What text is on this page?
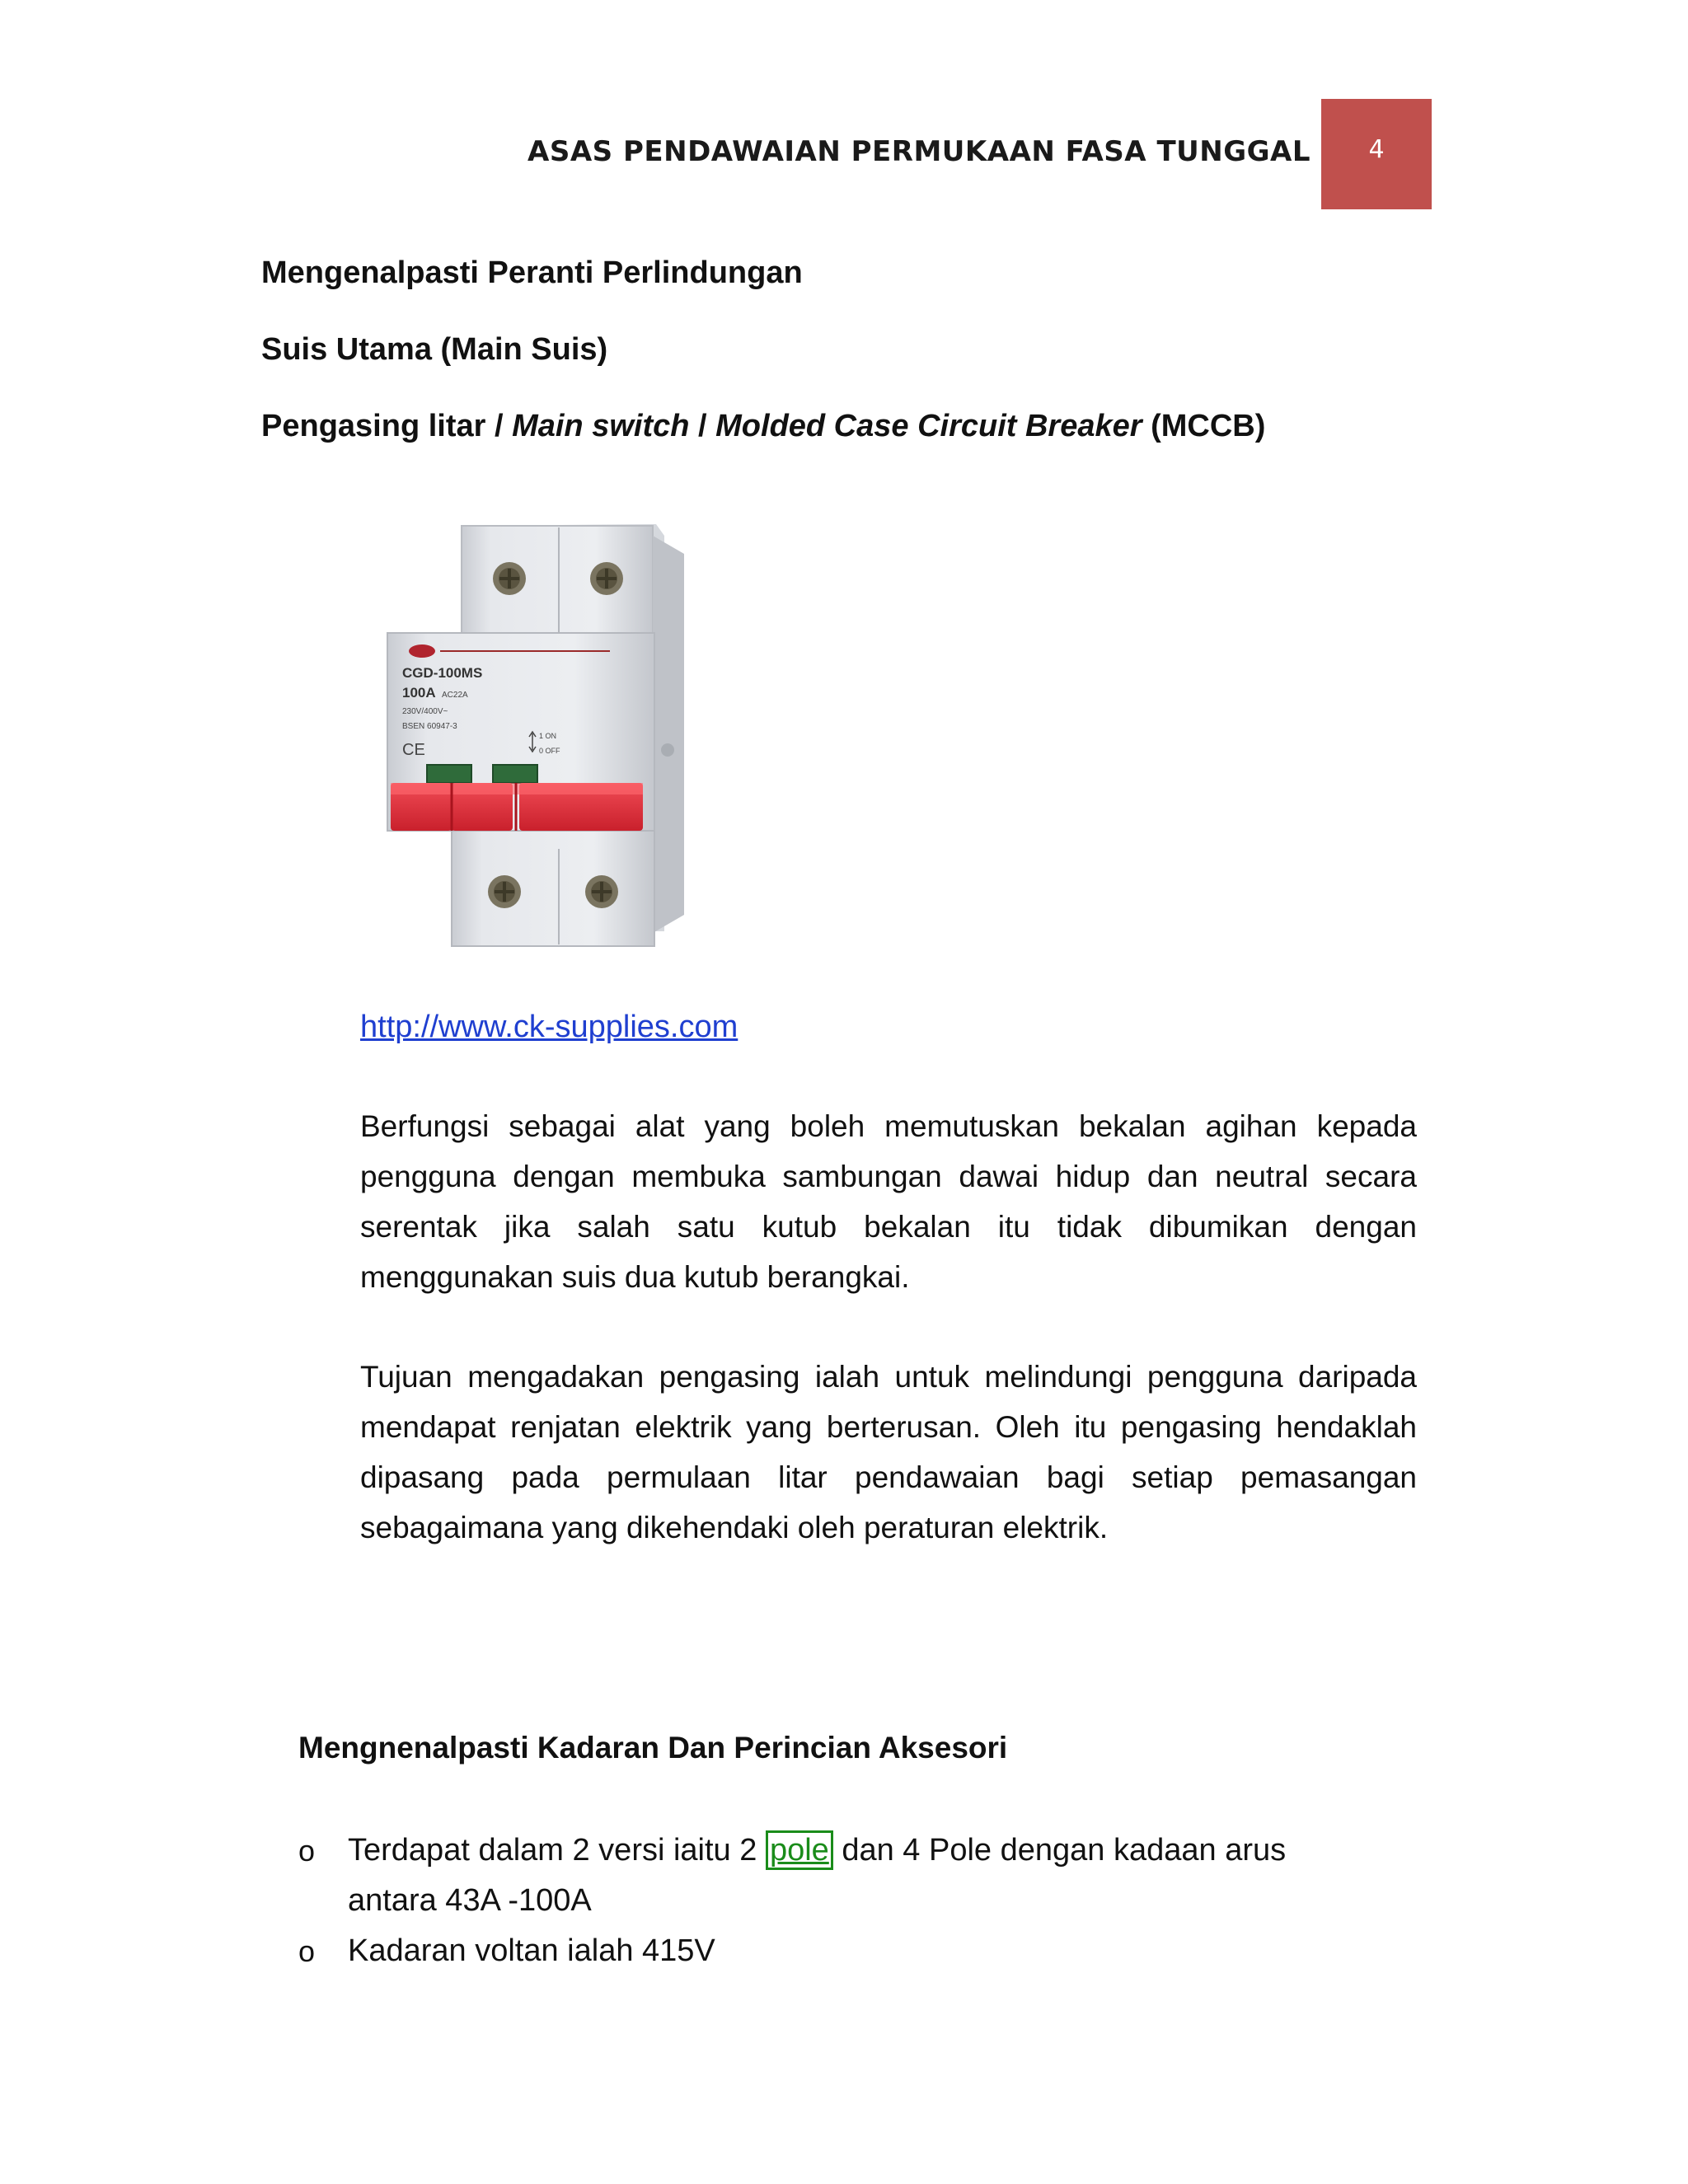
ASAS PENDAWAIAN PERMUKAAN FASA TUNGGAL	4
Mengenalpasti Peranti Perlindungan
Suis Utama (Main Suis)
Pengasing litar / Main switch / Molded Case Circuit Breaker (MCCB)
CGD-100MS
100A AC22A
230V/400V~
BSEN 60947-3
CE
1 ON
0 OFF
http://www.ck-supplies.com
Berfungsi sebagai alat yang boleh memutuskan bekalan agihan kepada pengguna dengan membuka sambungan dawai hidup dan neutral secara serentak jika salah satu kutub bekalan itu tidak dibumikan dengan menggunakan suis dua kutub berangkai.
Tujuan mengadakan pengasing ialah untuk melindungi pengguna daripada mendapat renjatan elektrik yang berterusan. Oleh itu pengasing hendaklah dipasang pada permulaan litar pendawaian bagi setiap pemasangan sebagaimana yang dikehendaki oleh peraturan elektrik.
Mengnenalpasti Kadaran Dan Perincian Aksesori
o Terdapat dalam 2 versi iaitu 2 pole dan 4 Pole dengan kadaan arus
antara 43A -100A
o Kadaran voltan ialah 415V
